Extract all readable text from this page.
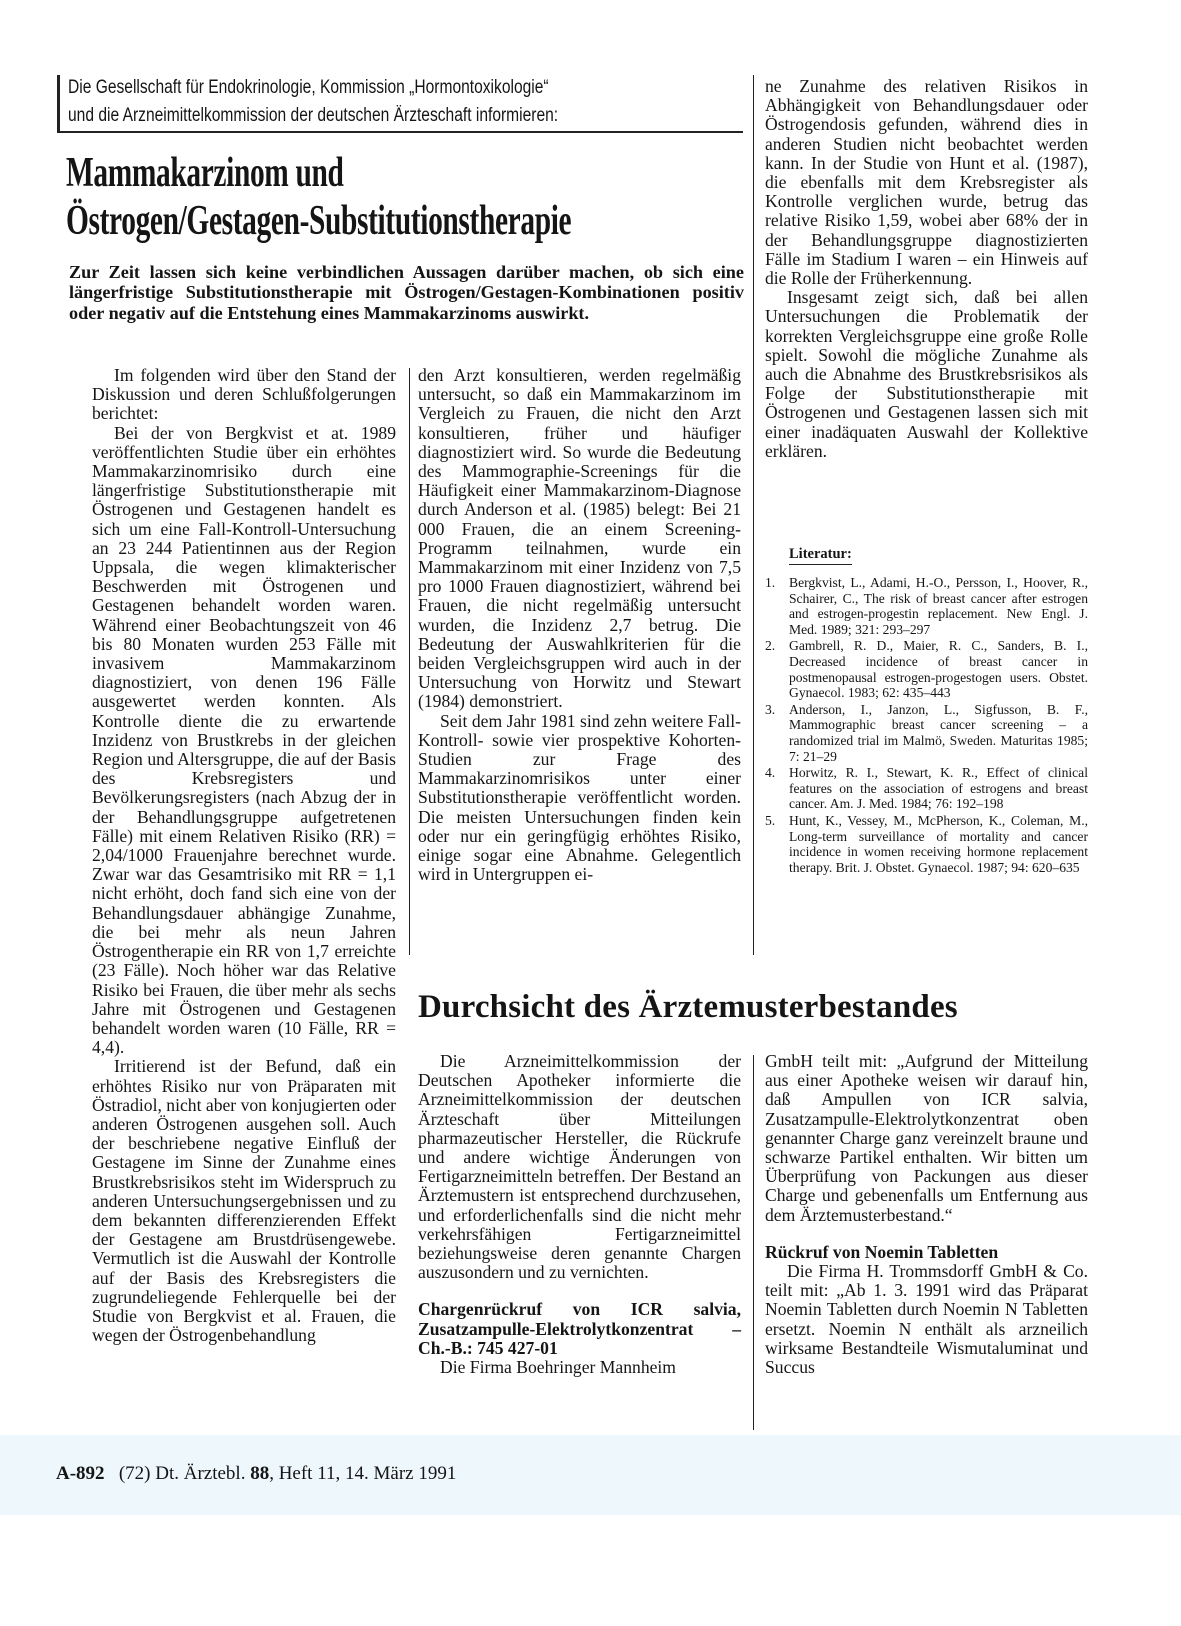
Die Gesellschaft für Endokrinologie, Kommission „Hormontoxikologie“
und die Arzneimittelkommission der deutschen Ärzteschaft informieren:
Mammakarzinom und
Östrogen/Gestagen-Substitutionstherapie
Zur Zeit lassen sich keine verbindlichen Aussagen darüber machen, ob sich eine längerfristige Substitutionstherapie mit Östrogen/Gestagen-Kombinationen positiv oder negativ auf die Entstehung eines Mammakarzinoms auswirkt.

Im folgenden wird über den Stand der Diskussion und deren Schlußfolgerungen berichtet:

Bei der von Bergkvist et at. 1989 veröffentlichten Studie über ein erhöhtes Mammakarzinomrisiko durch eine längerfristige Substitutionstherapie mit Östrogenen und Gestagenen handelt es sich um eine Fall-Kontroll-Untersuchung an 23 244 Patientinnen aus der Region Uppsala, die wegen klimakterischer Beschwerden mit Östrogenen und Gestagenen behandelt worden waren. Während einer Beobachtungszeit von 46 bis 80 Monaten wurden 253 Fälle mit invasivem Mammakarzinom diagnostiziert, von denen 196 Fälle ausgewertet werden konnten. Als Kontrolle diente die zu erwartende Inzidenz von Brustkrebs in der gleichen Region und Altersgruppe, die auf der Basis des Krebsregisters und Bevölkerungsregisters (nach Abzug der in der Behandlungsgruppe aufgetretenen Fälle) mit einem Relativen Risiko (RR) = 2,04/1000 Frauenjahre berechnet wurde. Zwar war das Gesamtrisiko mit RR = 1,1 nicht erhöht, doch fand sich eine von der Behandlungsdauer abhängige Zunahme, die bei mehr als neun Jahren Östrogentherapie ein RR von 1,7 erreichte (23 Fälle). Noch höher war das Relative Risiko bei Frauen, die über mehr als sechs Jahre mit Östrogenen und Gestagenen behandelt worden waren (10 Fälle, RR = 4,4).

Irritierend ist der Befund, daß ein erhöhtes Risiko nur von Präparaten mit Östradiol, nicht aber von konjugierten oder anderen Östrogenen ausgehen soll. Auch der beschriebene negative Einfluß der Gestagene im Sinne der Zunahme eines Brustkrebsrisikos steht im Widerspruch zu anderen Untersuchungsergebnissen und zu dem bekannten differenzierenden Effekt der Gestagene am Brustdrüsengewebe. Vermutlich ist die Auswahl der Kontrolle auf der Basis des Krebsregisters die zugrundeliegende Fehlerquelle bei der Studie von Bergkvist et al. Frauen, die wegen der Östrogenbehandlung

den Arzt konsultieren, werden regelmäßig untersucht, so daß ein Mammakarzinom im Vergleich zu Frauen, die nicht den Arzt konsultieren, früher und häufiger diagnostiziert wird. So wurde die Bedeutung des Mammographie-Screenings für die Häufigkeit einer Mammakarzinom-Diagnose durch Anderson et al. (1985) belegt: Bei 21 000 Frauen, die an einem Screening-Programm teilnahmen, wurde ein Mammakarzinom mit einer Inzidenz von 7,5 pro 1000 Frauen diagnostiziert, während bei Frauen, die nicht regelmäßig untersucht wurden, die Inzidenz 2,7 betrug. Die Bedeutung der Auswahlkriterien für die beiden Vergleichsgruppen wird auch in der Untersuchung von Horwitz und Stewart (1984) demonstriert.

Seit dem Jahr 1981 sind zehn weitere Fall-Kontroll- sowie vier prospektive Kohorten-Studien zur Frage des Mammakarzinomrisikos unter einer Substitutionstherapie veröffentlicht worden. Die meisten Untersuchungen finden kein oder nur ein geringfügig erhöhtes Risiko, einige sogar eine Abnahme. Gelegentlich wird in Untergruppen ei-

ne Zunahme des relativen Risikos in Abhängigkeit von Behandlungsdauer oder Östrogendosis gefunden, während dies in anderen Studien nicht beobachtet werden kann. In der Studie von Hunt et al. (1987), die ebenfalls mit dem Krebsregister als Kontrolle verglichen wurde, betrug das relative Risiko 1,59, wobei aber 68% der in der Behandlungsgruppe diagnostizierten Fälle im Stadium I waren – ein Hinweis auf die Rolle der Früherkennung.

Insgesamt zeigt sich, daß bei allen Untersuchungen die Problematik der korrekten Vergleichsgruppe eine große Rolle spielt. Sowohl die mögliche Zunahme als auch die Abnahme des Brustkrebsrisikos als Folge der Substitutionstherapie mit Östrogenen und Gestagenen lassen sich mit einer inadäquaten Auswahl der Kollektive erklären.

Literatur:
1. Bergkvist, L., Adami, H.-O., Persson, I., Hoover, R., Schairer, C., The risk of breast cancer after estrogen and estrogen-progestin replacement. New Engl. J. Med. 1989; 321: 293–297
2. Gambrell, R. D., Maier, R. C., Sanders, B. I., Decreased incidence of breast cancer in postmenopausal estrogen-progestogen users. Obstet. Gynaecol. 1983; 62: 435–443
3. Anderson, I., Janzon, L., Sigfusson, B. F., Mammographic breast cancer screening – a randomized trial im Malmö, Sweden. Maturitas 1985; 7: 21–29
4. Horwitz, R. I., Stewart, K. R., Effect of clinical features on the association of estrogens and breast cancer. Am. J. Med. 1984; 76: 192–198
5. Hunt, K., Vessey, M., McPherson, K., Coleman, M., Long-term surveillance of mortality and cancer incidence in women receiving hormone replacement therapy. Brit. J. Obstet. Gynaecol. 1987; 94: 620–635
Durchsicht des Ärztemusterbestandes

Die Arzneimittelkommission der Deutschen Apotheker informierte die Arzneimittelkommission der deutschen Ärzteschaft über Mitteilungen pharmazeutischer Hersteller, die Rückrufe und andere wichtige Änderungen von Fertigarzneimitteln betreffen. Der Bestand an Ärztemustern ist entsprechend durchzusehen, und erforderlichenfalls sind die nicht mehr verkehrsfähigen Fertigarzneimittel beziehungsweise deren genannte Chargen auszusondern und zu vernichten.

Chargenrückruf von ICR salvia, Zusatzampulle-Elektrolytkonzentrat – Ch.-B.: 745 427-01

Die Firma Boehringer Mannheim

GmbH teilt mit: „Aufgrund der Mitteilung aus einer Apotheke weisen wir darauf hin, daß Ampullen von ICR salvia, Zusatzampulle-Elektrolytkonzentrat oben genannter Charge ganz vereinzelt braune und schwarze Partikel enthalten. Wir bitten um Überprüfung von Packungen aus dieser Charge und gebenenfalls um Entfernung aus dem Ärztemusterbestand.“

Rückruf von Noemin Tabletten

Die Firma H. Trommsdorff GmbH & Co. teilt mit: „Ab 1. 3. 1991 wird das Präparat Noemin Tabletten durch Noemin N Tabletten ersetzt. Noemin N enthält als arzneilich wirksame Bestandteile Wismutaluminat und Succus

A-892 (72) Dt. Ärztebl. 88, Heft 11, 14. März 1991
